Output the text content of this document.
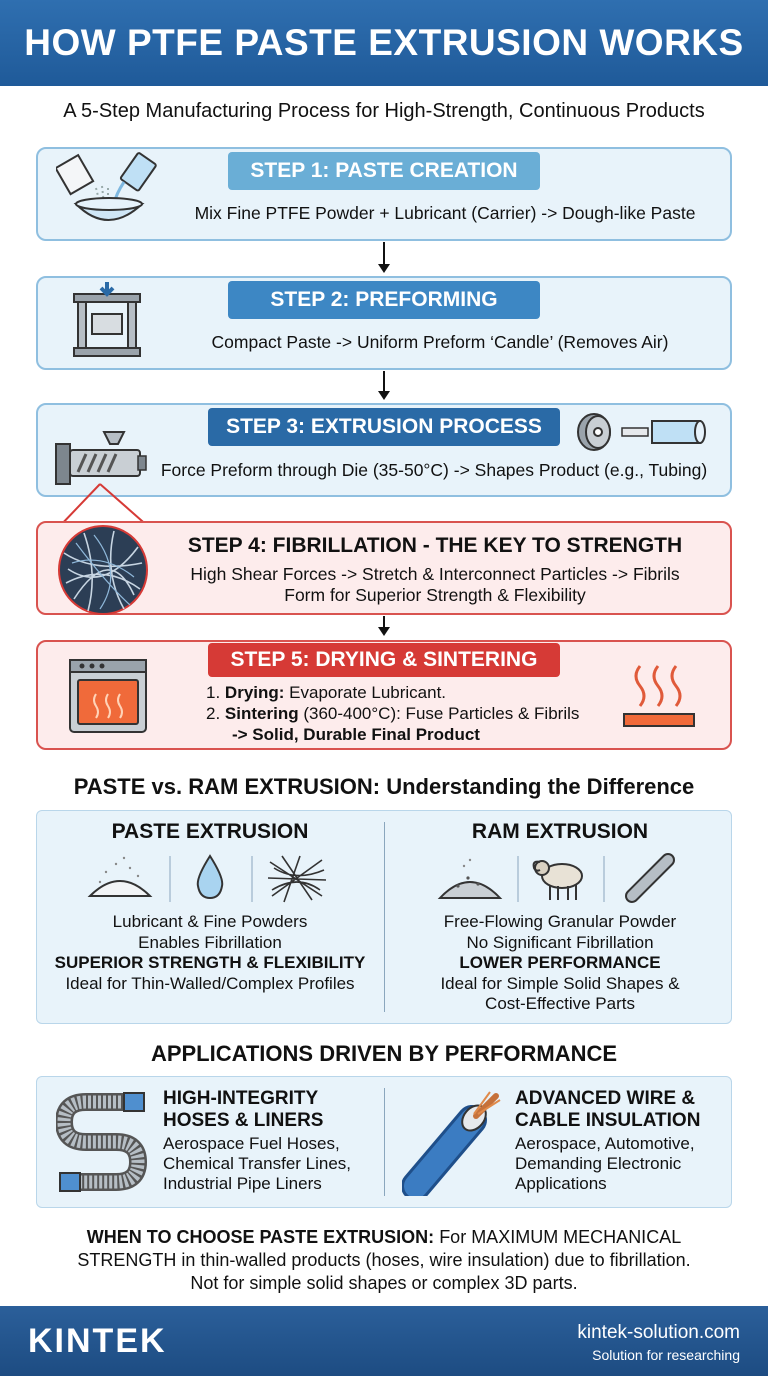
HOW PTFE PASTE EXTRUSION WORKS
A 5-Step Manufacturing Process for High-Strength, Continuous Products
STEP 1: PASTE CREATION
Mix Fine PTFE Powder + Lubricant (Carrier) -> Dough-like Paste
STEP 2: PREFORMING
Compact Paste -> Uniform Preform ‘Candle’ (Removes Air)
STEP 3: EXTRUSION PROCESS
Force Preform through Die (35-50°C) -> Shapes Product (e.g., Tubing)
STEP 4: FIBRILLATION - THE KEY TO STRENGTH
High Shear Forces -> Stretch & Interconnect Particles -> Fibrils
Form for Superior Strength & Flexibility
STEP 5: DRYING & SINTERING
1. Drying: Evaporate Lubricant.
2. Sintering (360-400°C): Fuse Particles & Fibrils
-> Solid, Durable Final Product
PASTE vs. RAM EXTRUSION: Understanding the Difference
PASTE EXTRUSION
Lubricant & Fine Powders
Enables Fibrillation
SUPERIOR STRENGTH & FLEXIBILITY
Ideal for Thin-Walled/Complex Profiles
RAM EXTRUSION
Free-Flowing Granular Powder
No Significant Fibrillation
LOWER PERFORMANCE
Ideal for Simple Solid Shapes &
Cost-Effective Parts
APPLICATIONS DRIVEN BY PERFORMANCE
HIGH-INTEGRITY
HOSES & LINERS
Aerospace Fuel Hoses,
Chemical Transfer Lines,
Industrial Pipe Liners
ADVANCED WIRE &
CABLE INSULATION
Aerospace, Automotive,
Demanding Electronic
Applications
WHEN TO CHOOSE PASTE EXTRUSION: For MAXIMUM MECHANICAL
STRENGTH in thin-walled products (hoses, wire insulation) due to fibrillation.
Not for simple solid shapes or complex 3D parts.
KINTEK	kintek-solution.com
Solution for researching
